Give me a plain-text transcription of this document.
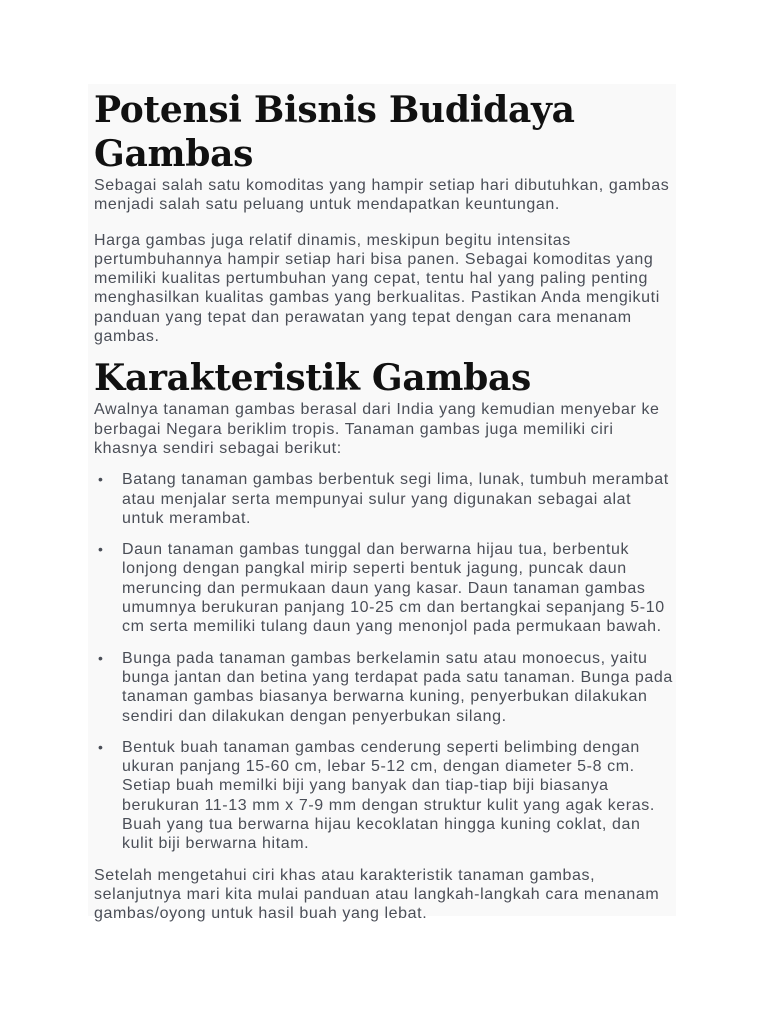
Potensi Bisnis Budidaya Gambas

Sebagai salah satu komoditas yang hampir setiap hari dibutuhkan, gambas menjadi salah satu peluang untuk mendapatkan keuntungan.

Harga gambas juga relatif dinamis, meskipun begitu intensitas pertumbuhannya hampir setiap hari bisa panen. Sebagai komoditas yang memiliki kualitas pertumbuhan yang cepat, tentu hal yang paling penting menghasilkan kualitas gambas yang berkualitas. Pastikan Anda mengikuti panduan yang tepat dan perawatan yang tepat dengan cara menanam gambas.

Karakteristik Gambas

Awalnya tanaman gambas berasal dari India yang kemudian menyebar ke berbagai Negara beriklim tropis. Tanaman gambas juga memiliki ciri khasnya sendiri sebagai berikut:

• Batang tanaman gambas berbentuk segi lima, lunak, tumbuh merambat atau menjalar serta mempunyai sulur yang digunakan sebagai alat untuk merambat.
• Daun tanaman gambas tunggal dan berwarna hijau tua, berbentuk lonjong dengan pangkal mirip seperti bentuk jagung, puncak daun meruncing dan permukaan daun yang kasar. Daun tanaman gambas umumnya berukuran panjang 10-25 cm dan bertangkai sepanjang 5-10 cm serta memiliki tulang daun yang menonjol pada permukaan bawah.
• Bunga pada tanaman gambas berkelamin satu atau monoecus, yaitu bunga jantan dan betina yang terdapat pada satu tanaman. Bunga pada tanaman gambas biasanya berwarna kuning, penyerbukan dilakukan sendiri dan dilakukan dengan penyerbukan silang.
• Bentuk buah tanaman gambas cenderung seperti belimbing dengan ukuran panjang 15-60 cm, lebar 5-12 cm, dengan diameter 5-8 cm. Setiap buah memilki biji yang banyak dan tiap-tiap biji biasanya berukuran 11-13 mm x 7-9 mm dengan struktur kulit yang agak keras. Buah yang tua berwarna hijau kecoklatan hingga kuning coklat, dan kulit biji berwarna hitam.

Setelah mengetahui ciri khas atau karakteristik tanaman gambas, selanjutnya mari kita mulai panduan atau langkah-langkah cara menanam gambas/oyong untuk hasil buah yang lebat.
